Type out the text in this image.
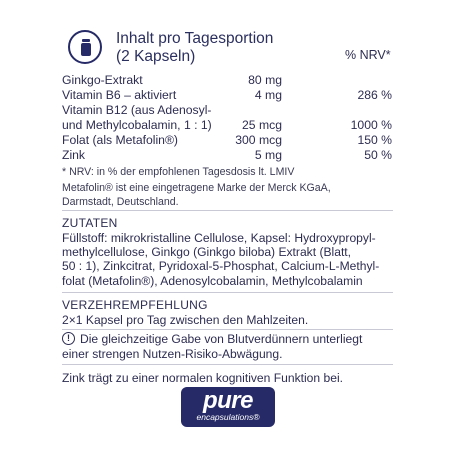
Inhalt pro Tagesportion
(2 Kapseln)	% NRV*
Ginkgo-Extrakt	80 mg
Vitamin B6 – aktiviert	4 mg	286 %
Vitamin B12 (aus Adenosyl-
und Methylcobalamin, 1 : 1) 25 mcg	1000 %
Folat (als Metafolin®)	300 mcg	150 %
Zink	5 mg	50 %
* NRV: in % der empfohlenen Tagesdosis lt. LMIV
Metafolin® ist eine eingetragene Marke der Merck KGaA,
Darmstadt, Deutschland.
ZUTATEN
Füllstoff: mikrokristalline Cellulose, Kapsel: Hydroxypropyl-
methylcellulose, Ginkgo (Ginkgo biloba) Extrakt (Blatt,
50 : 1), Zinkcitrat, Pyridoxal-5-Phosphat, Calcium-L-Methyl-
folat (Metafolin®), Adenosylcobalamin, Methylcobalamin
VERZEHREMPFEHLUNG
2×1 Kapsel pro Tag zwischen den Mahlzeiten.
! Die gleichzeitige Gabe von Blutverdünnern unterliegt
einer strengen Nutzen-Risiko-Abwägung.
Zink trägt zu einer normalen kognitiven Funktion bei.
pure
encapsulations®
